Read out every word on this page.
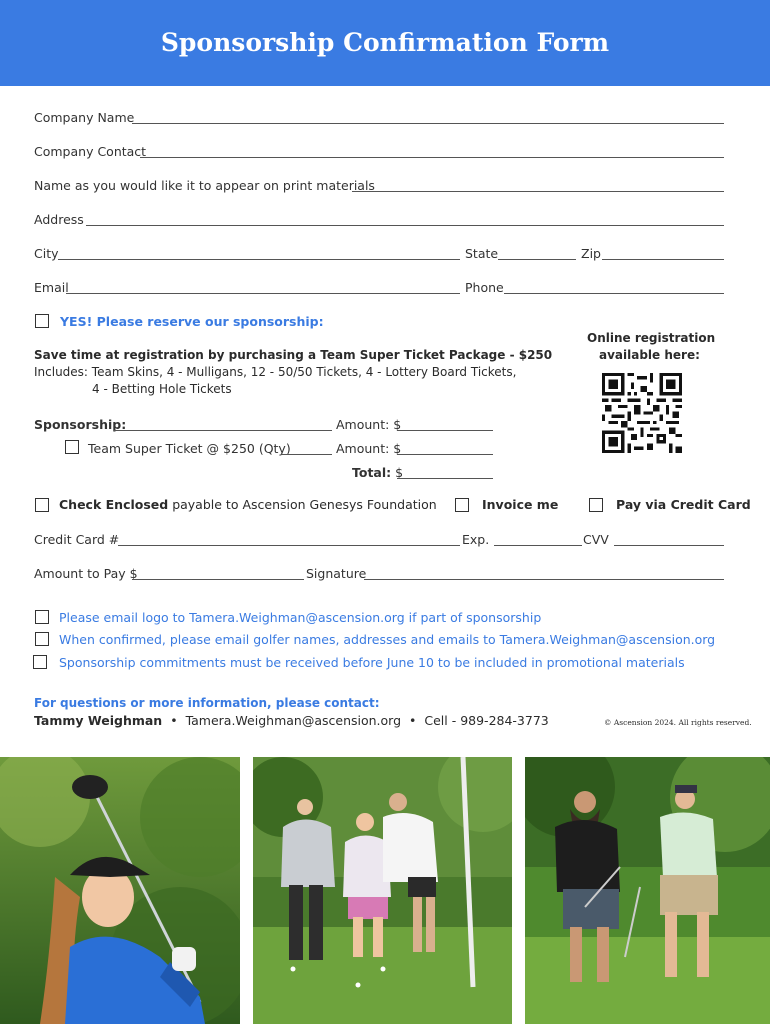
Sponsorship Confirmation Form
Company Name
Company Contact
Name as you would like it to appear on print materials
Address
City	State	Zip
Email	Phone
YES! Please reserve our sponsorship:
Save time at registration by purchasing a Team Super Ticket Package - $250
Includes: Team Skins, 4 - Mulligans, 12 - 50/50 Tickets, 4 - Lottery Board Tickets,
4 - Betting Hole Tickets
Online registration
available here:
Sponsorship:	Amount: $
Team Super Ticket @ $250 (Qty)	Amount: $
Total: $
Check Enclosed payable to Ascension Genesys Foundation	Invoice me	Pay via Credit Card
Credit Card #	Exp.	CVV
Amount to Pay $	Signature
Please email logo to Tamera.Weighman@ascension.org if part of sponsorship
When confirmed, please email golfer names, addresses and emails to Tamera.Weighman@ascension.org
Sponsorship commitments must be received before June 10 to be included in promotional materials
For questions or more information, please contact:
Tammy Weighman • Tamera.Weighman@ascension.org • Cell - 989-284-3773	© Ascension 2024. All rights reserved.
